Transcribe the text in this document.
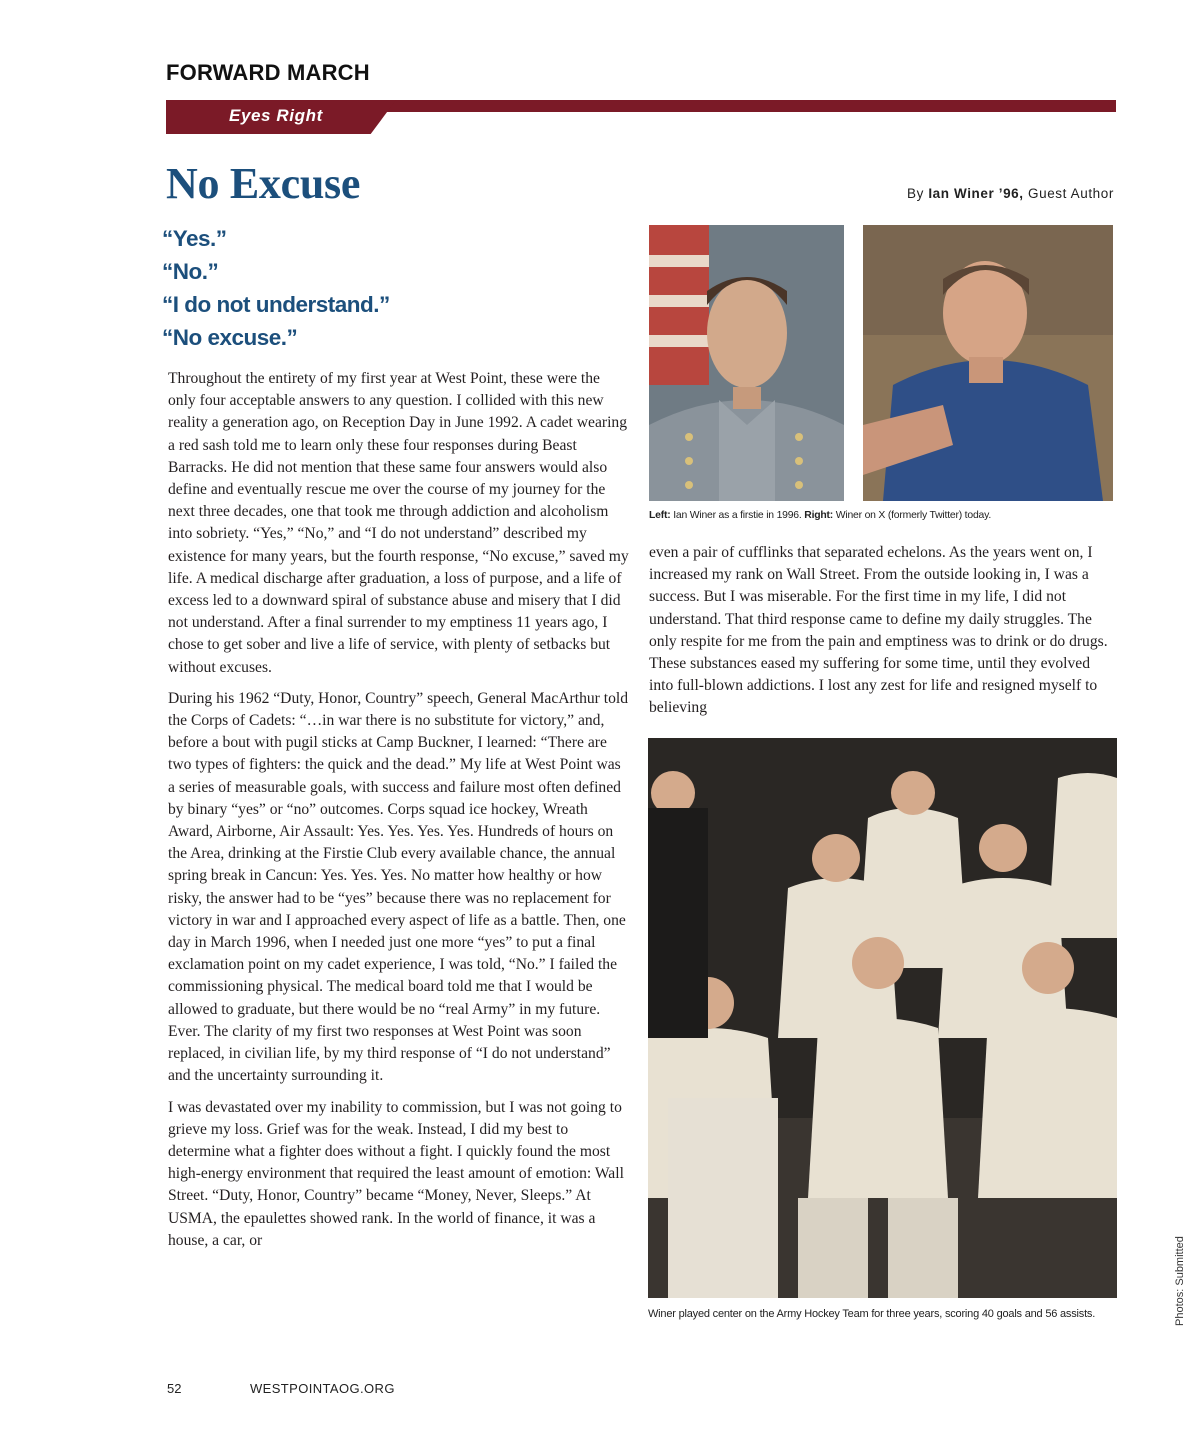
FORWARD MARCH
Eyes Right
No Excuse	By Ian Winer ’96, Guest Author
“Yes.”
“No.”
“I do not understand.”
“No excuse.”

Throughout the entirety of my first year at West Point, these were the only four acceptable answers to any question. I collided with this new reality a generation ago, on Reception Day in June 1992. A cadet wearing a red sash told me to learn only these four responses during Beast Barracks. He did not mention that these same four answers would also define and eventually rescue me over the course of my journey for the next three decades, one that took me through addiction and alcoholism into sobriety. “Yes,” “No,” and “I do not understand” described my existence for many years, but the fourth response, “No excuse,” saved my life. A medical discharge after graduation, a loss of purpose, and a life of excess led to a downward spiral of substance abuse and misery that I did not understand. After a final surrender to my emptiness 11 years ago, I chose to get sober and live a life of service, with plenty of setbacks but without excuses.

During his 1962 “Duty, Honor, Country” speech, General MacArthur told the Corps of Cadets: “…in war there is no substitute for victory,” and, before a bout with pugil sticks at Camp Buckner, I learned: “There are two types of fighters: the quick and the dead.” My life at West Point was a series of measurable goals, with success and failure most often defined by binary “yes” or “no” outcomes. Corps squad ice hockey, Wreath Award, Airborne, Air Assault: Yes. Yes. Yes. Yes. Hundreds of hours on the Area, drinking at the Firstie Club every available chance, the annual spring break in Cancun: Yes. Yes. Yes. No matter how healthy or how risky, the answer had to be “yes” because there was no replacement for victory in war and I approached every aspect of life as a battle. Then, one day in March 1996, when I needed just one more “yes” to put a final exclamation point on my cadet experience, I was told, “No.” I failed the commissioning physical. The medical board told me that I would be allowed to graduate, but there would be no “real Army” in my future. Ever. The clarity of my first two responses at West Point was soon replaced, in civilian life, by my third response of “I do not understand” and the uncertainty surrounding it.

I was devastated over my inability to commission, but I was not going to grieve my loss. Grief was for the weak. Instead, I did my best to determine what a fighter does without a fight. I quickly found the most high-energy environment that required the least amount of emotion: Wall Street. “Duty, Honor, Country” became “Money, Never, Sleeps.” At USMA, the epaulettes showed rank. In the world of finance, it was a house, a car, or

Left: Ian Winer as a firstie in 1996. Right: Winer on X (formerly Twitter) today.

even a pair of cufflinks that separated echelons. As the years went on, I increased my rank on Wall Street. From the outside looking in, I was a success. But I was miserable. For the first time in my life, I did not understand. That third response came to define my daily struggles. The only respite for me from the pain and emptiness was to drink or do drugs. These substances eased my suffering for some time, until they evolved into full-blown addictions. I lost any zest for life and resigned myself to believing

Winer played center on the Army Hockey Team for three years, scoring 40 goals and 56 assists.	Photos: Submitted
52	WESTPOINTAOG.ORG
